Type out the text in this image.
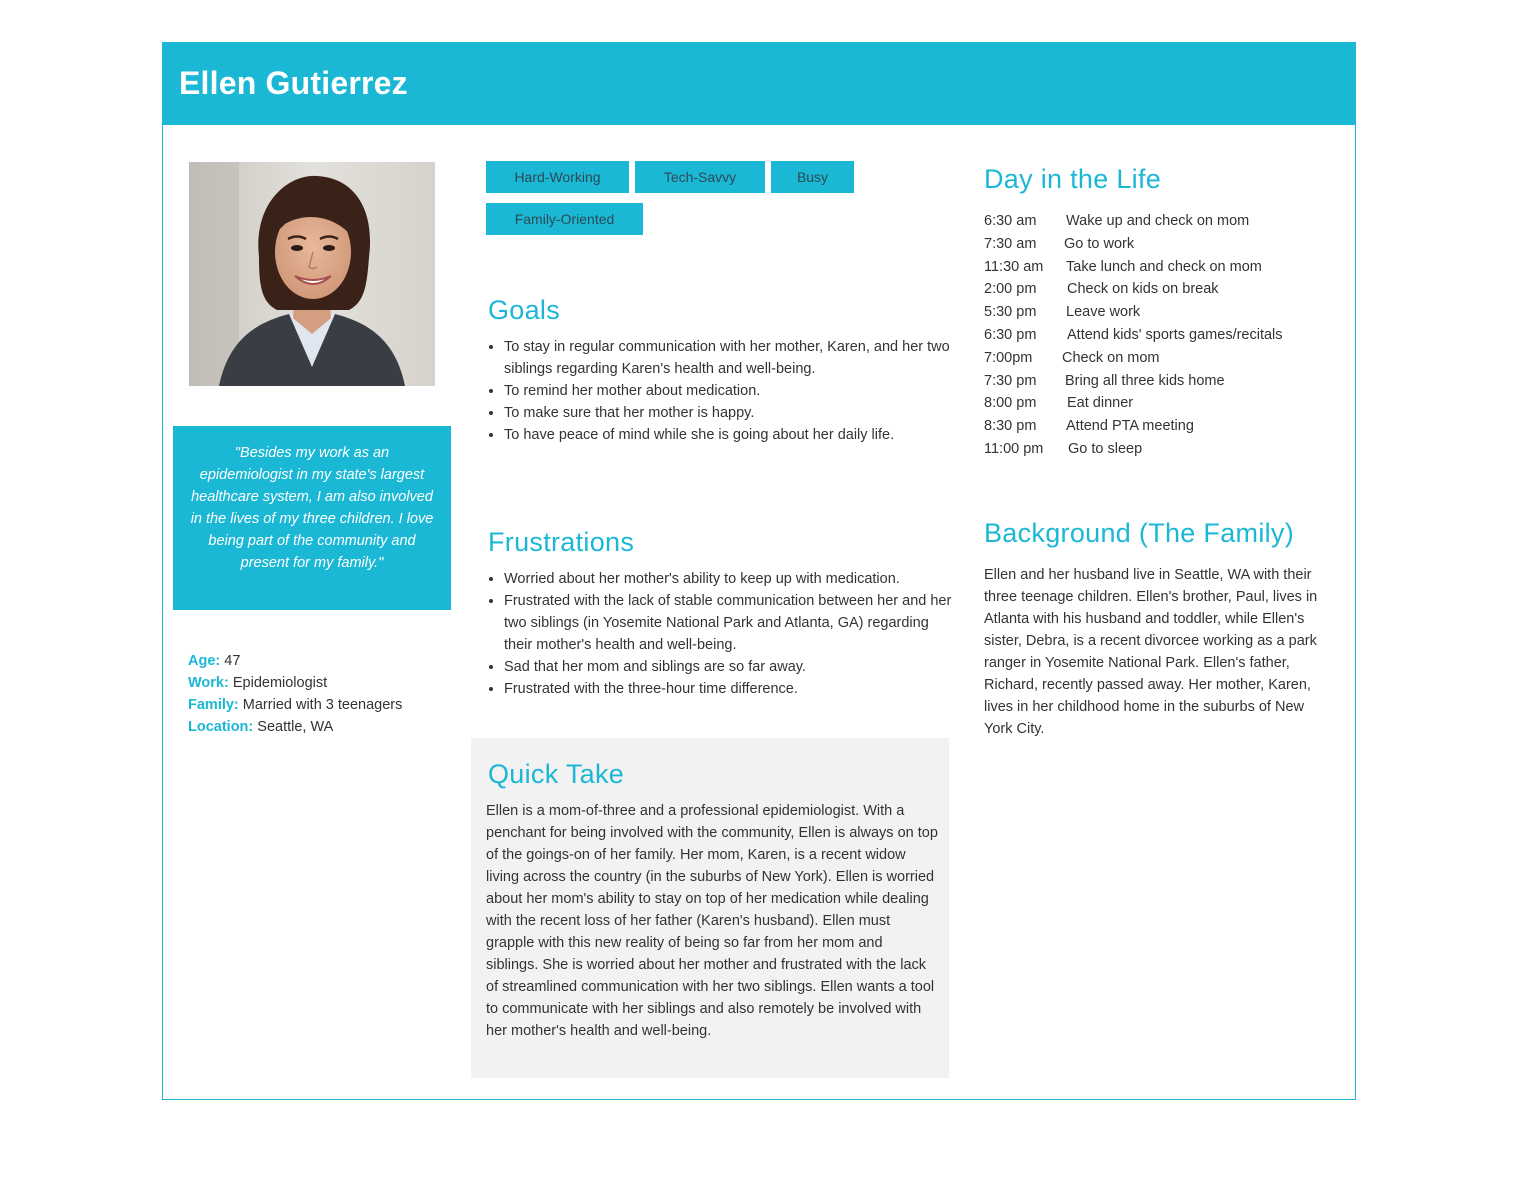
Ellen Gutierrez
"Besides my work as an epidemiologist in my state's largest healthcare system, I am also involved in the lives of my three children. I love being part of the community and present for my family."
Age: 47
Work: Epidemiologist
Family: Married with 3 teenagers
Location: Seattle, WA
Hard-Working	Tech-Savvy	Busy
Family-Oriented
Goals
• To stay in regular communication with her mother, Karen, and her two siblings regarding Karen's health and well-being.
• To remind her mother about medication.
• To make sure that her mother is happy.
• To have peace of mind while she is going about her daily life.
Frustrations
• Worried about her mother's ability to keep up with medication.
• Frustrated with the lack of stable communication between her and her two siblings (in Yosemite National Park and Atlanta, GA) regarding their mother's health and well-being.
• Sad that her mom and siblings are so far away.
• Frustrated with the three-hour time difference.
Quick Take
Ellen is a mom-of-three and a professional epidemiologist. With a penchant for being involved with the community, Ellen is always on top of the goings-on of her family. Her mom, Karen, is a recent widow living across the country (in the suburbs of New York). Ellen is worried about her mom's ability to stay on top of her medication while dealing with the recent loss of her father (Karen's husband). Ellen must grapple with this new reality of being so far from her mom and siblings. She is worried about her mother and frustrated with the lack of streamlined communication with her two siblings. Ellen wants a tool to communicate with her siblings and also remotely be involved with her mother's health and well-being.
Day in the Life
6:30 am Wake up and check on mom
7:30 am Go to work
11:30 am Take lunch and check on mom
2:00 pm Check on kids on break
5:30 pm Leave work
6:30 pm Attend kids' sports games/recitals
7:00pm Check on mom
7:30 pm Bring all three kids home
8:00 pm Eat dinner
8:30 pm Attend PTA meeting
11:00 pm Go to sleep
Background (The Family)
Ellen and her husband live in Seattle, WA with their three teenage children. Ellen's brother, Paul, lives in Atlanta with his husband and toddler, while Ellen's sister, Debra, is a recent divorcee working as a park ranger in Yosemite National Park. Ellen's father, Richard, recently passed away. Her mother, Karen, lives in her childhood home in the suburbs of New York City.
